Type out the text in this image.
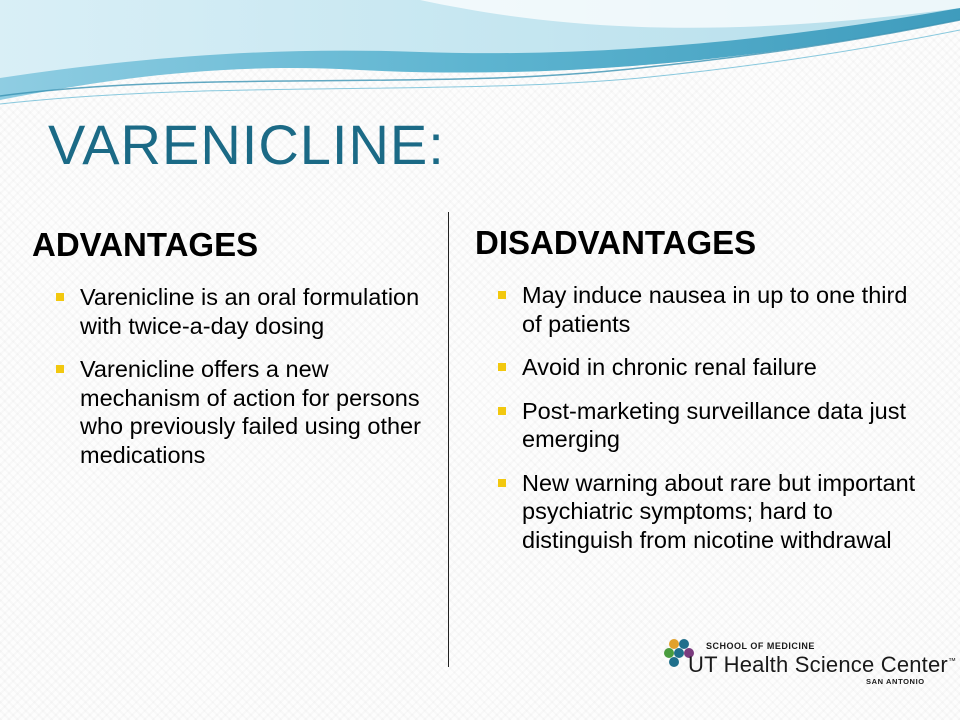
VARENICLINE:
ADVANTAGES	DISADVANTAGES
Varenicline is an oral formulation with twice-a-day dosing
Varenicline offers a new mechanism of action for persons who previously failed using other medications
May induce nausea in up to one third of patients
Avoid in chronic renal failure
Post-marketing surveillance data just emerging
New warning about rare but important psychiatric symptoms; hard to distinguish from nicotine withdrawal
SCHOOL OF MEDICINE
UT Health Science Center™
SAN ANTONIO
